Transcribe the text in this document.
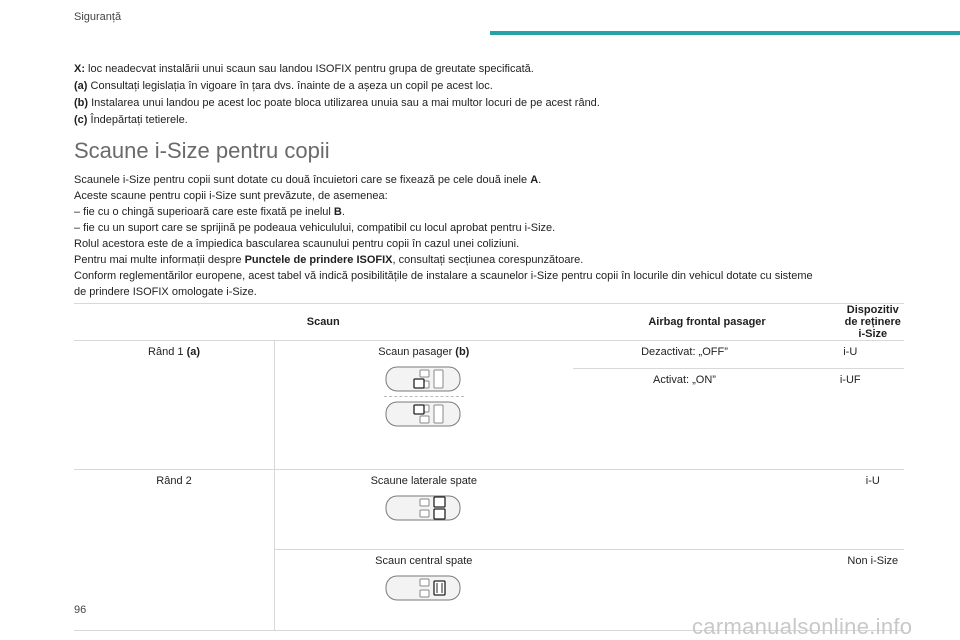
Siguranță
X: loc neadecvat instalării unui scaun sau landou ISOFIX pentru grupa de greutate specificată.
(a) Consultați legislația în vigoare în țara dvs. înainte de a așeza un copil pe acest loc.
(b) Instalarea unui landou pe acest loc poate bloca utilizarea unuia sau a mai multor locuri de pe acest rând.
(c) Îndepărtați tetierele.
Scaune i-Size pentru copii
Scaunele i-Size pentru copii sunt dotate cu două încuietori care se fixează pe cele două inele A.
Aceste scaune pentru copii i-Size sunt prevăzute, de asemenea:
– fie cu o chingă superioară care este fixată pe inelul B.
– fie cu un suport care se sprijină pe podeaua vehiculului, compatibil cu locul aprobat pentru i-Size.
Rolul acestora este de a împiedica bascularea scaunului pentru copii în cazul unei coliziuni.
Pentru mai multe informații despre Punctele de prindere ISOFIX, consultați secțiunea corespunzătoare.
Conform reglementărilor europene, acest tabel vă indică posibilitățile de instalare a scaunelor i-Size pentru copii în locurile din vehicul dotate cu sisteme
de prindere ISOFIX omologate i-Size.
Scaun		Airbag frontal pasager	Dispozitiv de reținere i-Size
Rând 1 (a)	Scaun pasager (b)	Dezactivat: „OFF” i-U
Activat: „ON” i-UF	

Rând 2	Scaune laterale spate		i-U
	Scaun central spate		Non i-Size
96
carmanualsonline.info
